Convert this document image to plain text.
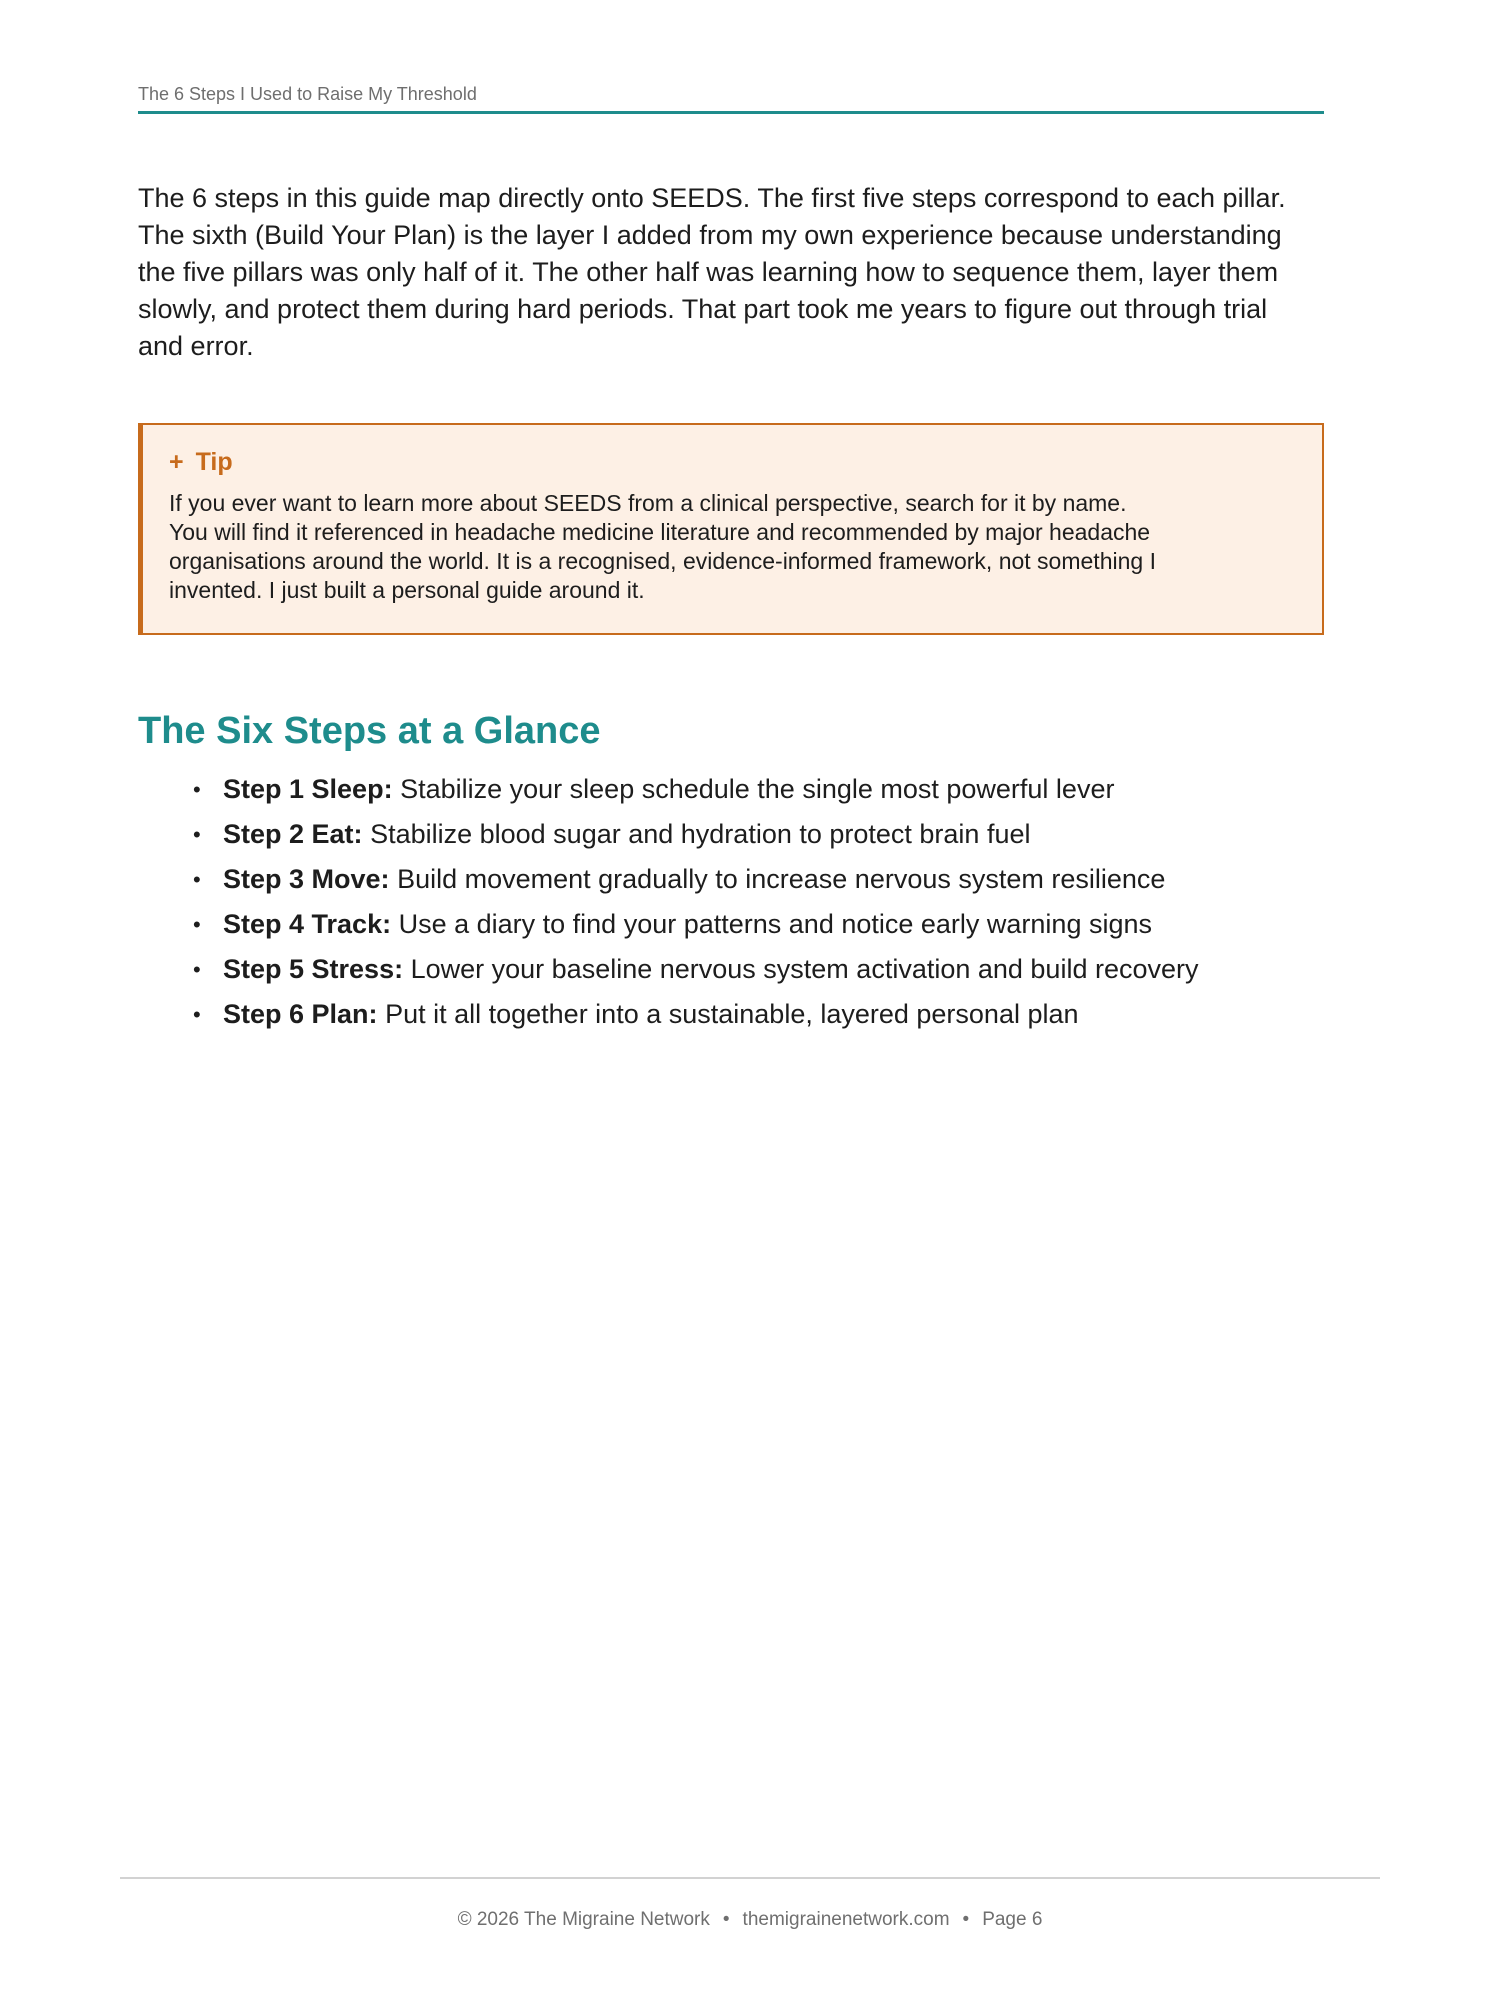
The 6 Steps I Used to Raise My Threshold
The 6 steps in this guide map directly onto SEEDS. The first five steps correspond to each pillar.
The sixth (Build Your Plan) is the layer I added from my own experience because understanding
the five pillars was only half of it. The other half was learning how to sequence them, layer them
slowly, and protect them during hard periods. That part took me years to figure out through trial
and error.
+ Tip
If you ever want to learn more about SEEDS from a clinical perspective, search for it by name.
You will find it referenced in headache medicine literature and recommended by major headache
organisations around the world. It is a recognised, evidence-informed framework, not something I
invented. I just built a personal guide around it.
The Six Steps at a Glance
• Step 1 Sleep: Stabilize your sleep schedule the single most powerful lever
• Step 2 Eat: Stabilize blood sugar and hydration to protect brain fuel
• Step 3 Move: Build movement gradually to increase nervous system resilience
• Step 4 Track: Use a diary to find your patterns and notice early warning signs
• Step 5 Stress: Lower your baseline nervous system activation and build recovery
• Step 6 Plan: Put it all together into a sustainable, layered personal plan
© 2026 The Migraine Network • themigrainenetwork.com • Page 6
